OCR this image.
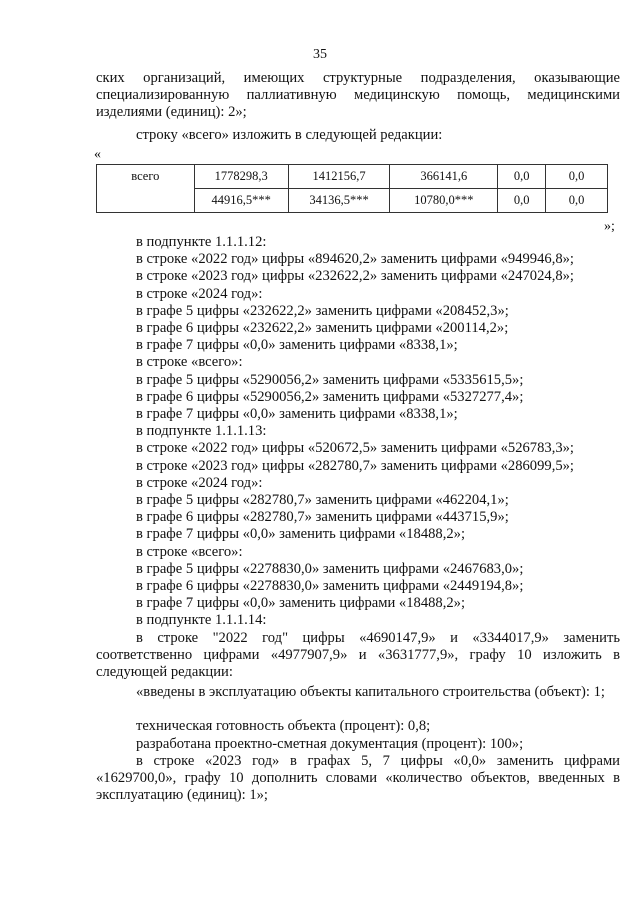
35

ских организаций, имеющих структурные подразделения, оказывающие специализированную паллиативную медицинскую помощь, медицинскими изделиями (единиц): 2»;

строку «всего» изложить в следующей редакции:
«
всего	1778298,3	1412156,7	366141,6	0,0	0,0
	44916,5***	34136,5***	10780,0***	0,0	0,0
»;
в подпункте 1.1.1.12:
в строке «2022 год» цифры «894620,2» заменить цифрами «949946,8»;
в строке «2023 год» цифры «232622,2» заменить цифрами «247024,8»;
в строке «2024 год»:
в графе 5 цифры «232622,2» заменить цифрами «208452,3»;
в графе 6 цифры «232622,2» заменить цифрами «200114,2»;
в графе 7 цифры «0,0» заменить цифрами «8338,1»;
в строке «всего»:
в графе 5 цифры «5290056,2» заменить цифрами «5335615,5»;
в графе 6 цифры «5290056,2» заменить цифрами «5327277,4»;
в графе 7 цифры «0,0» заменить цифрами «8338,1»;
в подпункте 1.1.1.13:
в строке «2022 год» цифры «520672,5» заменить цифрами «526783,3»;
в строке «2023 год» цифры «282780,7» заменить цифрами «286099,5»;
в строке «2024 год»:
в графе 5 цифры «282780,7» заменить цифрами «462204,1»;
в графе 6 цифры «282780,7» заменить цифрами «443715,9»;
в графе 7 цифры «0,0» заменить цифрами «18488,2»;
в строке «всего»:
в графе 5 цифры «2278830,0» заменить цифрами «2467683,0»;
в графе 6 цифры «2278830,0» заменить цифрами «2449194,8»;
в графе 7 цифры «0,0» заменить цифрами «18488,2»;
в подпункте 1.1.1.14:

в строке "2022 год" цифры «4690147,9» и «3344017,9» заменить соответственно цифрами «4977907,9» и «3631777,9», графу 10 изложить в следующей редакции:

«введены в эксплуатацию объекты капитального строительства (объект): 1;

техническая готовность объекта (процент): 0,8;
разработана проектно-сметная документация (процент): 100»;

в строке «2023 год» в графах 5, 7 цифры «0,0» заменить цифрами «1629700,0», графу 10 дополнить словами «количество объектов, введенных в эксплуатацию (единиц): 1»;
